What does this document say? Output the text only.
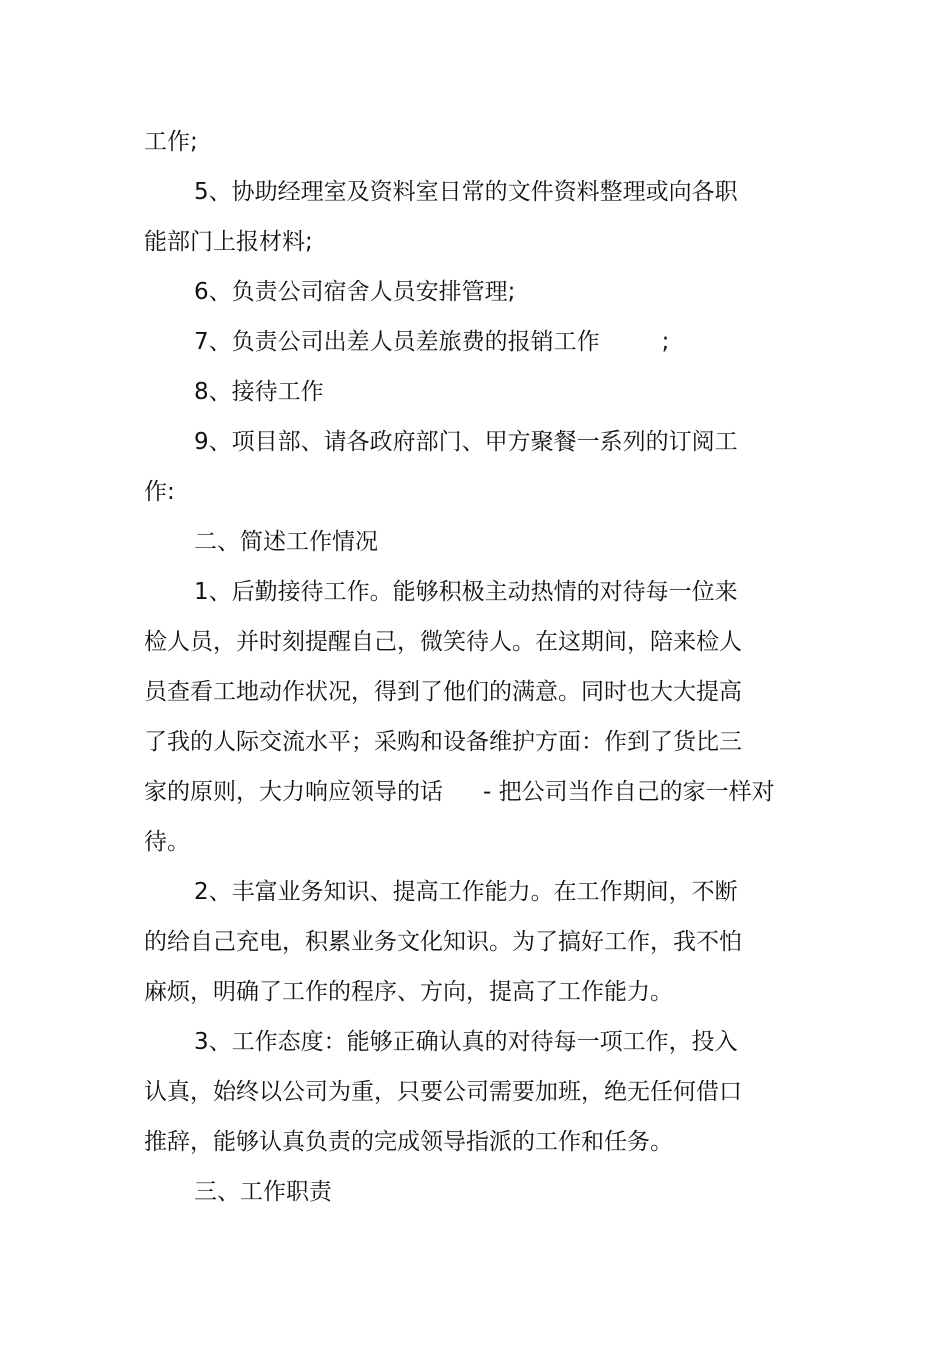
工作;
5、协助经理室及资料室日常的文件资料整理或向各职
能部门上报材料;
6、负责公司宿舍人员安排管理;
7、负责公司出差人员差旅费的报销工作	;
8、接待工作
9、项目部、请各政府部门、甲方聚餐一系列的订阅工
作:
二、简述工作情况
1、后勤接待工作。能够积极主动热情的对待每一位来
检人员，并时刻提醒自己，微笑待人。在这期间，陪来检人
员查看工地动作状况，得到了他们的满意。同时也大大提高
了我的人际交流水平；采购和设备维护方面：作到了货比三
家的原则，大力响应领导的话 - 把公司当作自己的家一样对
待。
2、丰富业务知识、提高工作能力。在工作期间，不断
的给自己充电，积累业务文化知识。为了搞好工作，我不怕
麻烦，明确了工作的程序、方向，提高了工作能力。
3、工作态度：能够正确认真的对待每一项工作，投入
认真，始终以公司为重，只要公司需要加班，绝无任何借口
推辞，能够认真负责的完成领导指派的工作和任务。
三、工作职责
